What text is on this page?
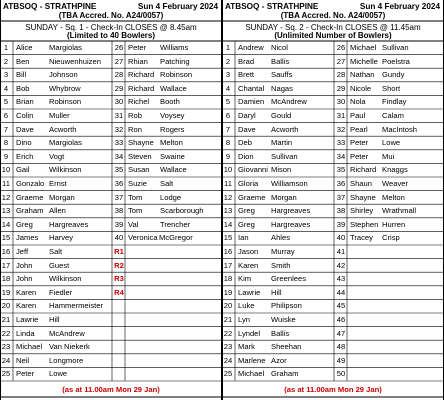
ATBSOQ - STRATHPINE	Sun 4 February 2024
(TBA Accred. No. A24/0057)
SUNDAY - Sq. 1 - Check-In CLOSES @ 8.45am
(Limited to 40 Bowlers)
1	Alice Margiolas	26 Peter Williams
2	Ben	Nieuwenhuizen	27 Rhian Patching
3	Bill	Johnson	28 Richard Robinson
4	Bob	Whybrow	29 Richard Wallace
5	Brian Robinson	30 Richel Booth
6	Colin Muller	31 Rob Voysey
7	Dave Acworth	32 Ron Rogers
8	Dino Margiolas	33 Shayne Melton
9	Erich Vogt	34 Steven Swaine
10 Gail	Wilkinson	35 Susan Wallace
11 Gonzalo Ernst	36 Suzie Salt
12 Graeme Morgan	37 Tom Lodge
13 Graham Allen	38 Tom Scarborough
14 Greg Hargreaves	39 Val	Trencher
15 James Harvey	40 Veronica McGregor
16 Jeff	Salt	R1
17 John Guest	R2
18 John Wilkinson	R3
19 Karen Fiedler	R4
20 Karen Hammermeister
21 Lawrie Hill
22 Linda McAndrew
23 Michael Van Niekerk
24 Neil	Longmore
25 Peter Lowe
(as at 11.00am Mon 29 Jan)
ATBSOQ - STRATHPINE	Sun 4 February 2024
(TBA Accred. No. A24/0057)
SUNDAY - Sq. 2 - Check-In CLOSES @ 11.45am
(Unlimited Number of Bowlers)
1	Andrew Nicol	26 Michael Sullivan
2	Brad Ballis	27 Michelle Poelstra
3	Brett Sauffs	28 Nathan Gundy
4	Chantal Nagas	29 Nicole Short
5	Damien McAndrew	30 Nola Findlay
6	Daryl Gould	31 Paul Calam
7	Dave Acworth	32 Pearl MacIntosh
8	Deb	Martin	33 Peter Lowe
9	Dion Sullivan	34 Peter Mui
10 Giovanni Mison	35 Richard Knaggs
11 Gloria Williamson	36 Shaun Weaver
12 Graeme Morgan	37 Shayne Melton
13 Greg Hargreaves	38 Shirley Wrathmall
14 Greg Hargreaves	39 Stephen Hurren
15 Ian	Ahles	40 Tracey Crisp
16 Jason Murray	41
17 Karen Smith	42
18 Kim	Greenlees	43
19 Lawrie Hill	44
20 Luke Philipson	45
21 Lyn	Wuiske	46
22 Lyndel Ballis	47
23 Mark Sheehan	48
24 Marlene Azor	49
25 Michael Graham	50
(as at 11.00am Mon 29 Jan)
